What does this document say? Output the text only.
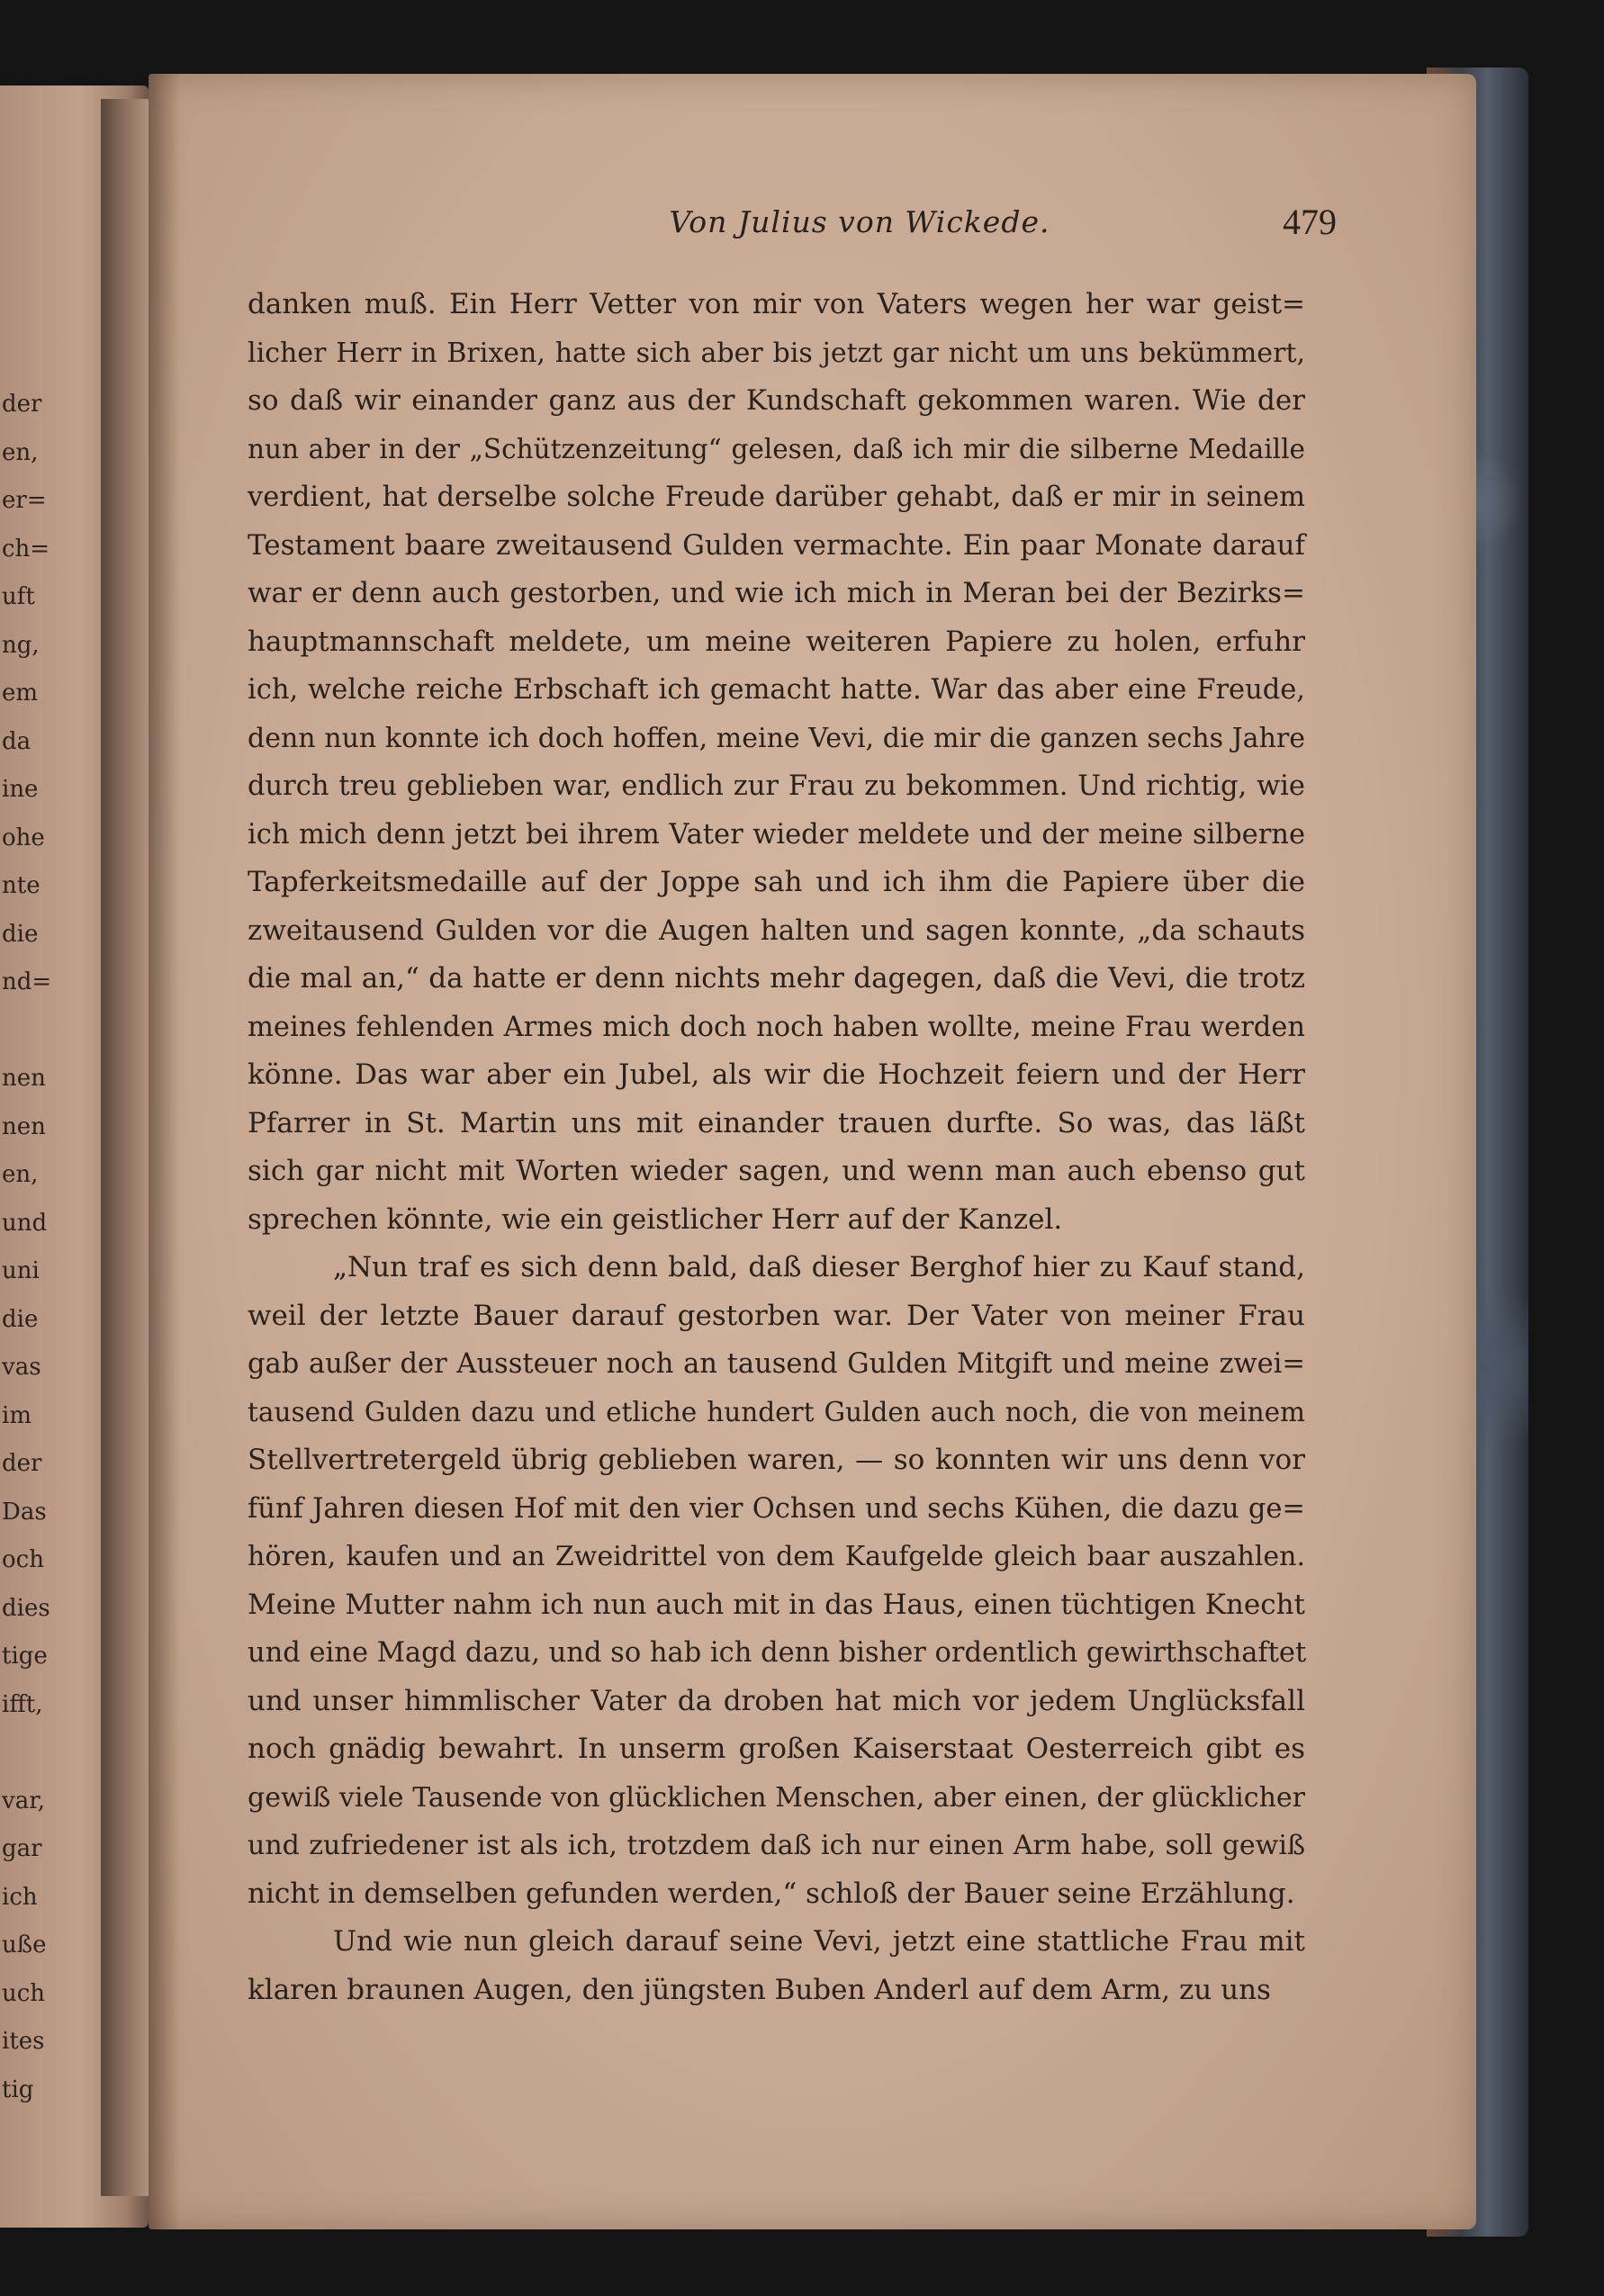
der
en,
er=
ch=
uft
ng,
em
da
ine
ohe
nte
die
nd=
nen
nen
en,
und
uni
die
vas
im
der
Das
och
dies
tige
ifft,
var,
gar
ich
uße
uch
ites
tig
Von Julius von Wickede.	479
danken muß. Ein Herr Vetter von mir von Vaters wegen her war geist=
licher Herr in Brixen, hatte sich aber bis jetzt gar nicht um uns bekümmert,
so daß wir einander ganz aus der Kundschaft gekommen waren. Wie der
nun aber in der „Schützenzeitung“ gelesen, daß ich mir die silberne Medaille
verdient, hat derselbe solche Freude darüber gehabt, daß er mir in seinem
Testament baare zweitausend Gulden vermachte. Ein paar Monate darauf
war er denn auch gestorben, und wie ich mich in Meran bei der Bezirks=
hauptmannschaft meldete, um meine weiteren Papiere zu holen, erfuhr
ich, welche reiche Erbschaft ich gemacht hatte. War das aber eine Freude,
denn nun konnte ich doch hoffen, meine Vevi, die mir die ganzen sechs Jahre
durch treu geblieben war, endlich zur Frau zu bekommen. Und richtig, wie
ich mich denn jetzt bei ihrem Vater wieder meldete und der meine silberne
Tapferkeitsmedaille auf der Joppe sah und ich ihm die Papiere über die
zweitausend Gulden vor die Augen halten und sagen konnte, „da schauts
die mal an,“ da hatte er denn nichts mehr dagegen, daß die Vevi, die trotz
meines fehlenden Armes mich doch noch haben wollte, meine Frau werden
könne. Das war aber ein Jubel, als wir die Hochzeit feiern und der Herr
Pfarrer in St. Martin uns mit einander trauen durfte. So was, das läßt
sich gar nicht mit Worten wieder sagen, und wenn man auch ebenso gut
sprechen könnte, wie ein geistlicher Herr auf der Kanzel.
„Nun traf es sich denn bald, daß dieser Berghof hier zu Kauf stand,
weil der letzte Bauer darauf gestorben war. Der Vater von meiner Frau
gab außer der Aussteuer noch an tausend Gulden Mitgift und meine zwei=
tausend Gulden dazu und etliche hundert Gulden auch noch, die von meinem
Stellvertretergeld übrig geblieben waren, — so konnten wir uns denn vor
fünf Jahren diesen Hof mit den vier Ochsen und sechs Kühen, die dazu ge=
hören, kaufen und an Zweidrittel von dem Kaufgelde gleich baar auszahlen.
Meine Mutter nahm ich nun auch mit in das Haus, einen tüchtigen Knecht
und eine Magd dazu, und so hab ich denn bisher ordentlich gewirthschaftet
und unser himmlischer Vater da droben hat mich vor jedem Unglücksfall
noch gnädig bewahrt. In unserm großen Kaiserstaat Oesterreich gibt es
gewiß viele Tausende von glücklichen Menschen, aber einen, der glücklicher
und zufriedener ist als ich, trotzdem daß ich nur einen Arm habe, soll gewiß
nicht in demselben gefunden werden,“ schloß der Bauer seine Erzählung.
Und wie nun gleich darauf seine Vevi, jetzt eine stattliche Frau mit
klaren braunen Augen, den jüngsten Buben Anderl auf dem Arm, zu uns
